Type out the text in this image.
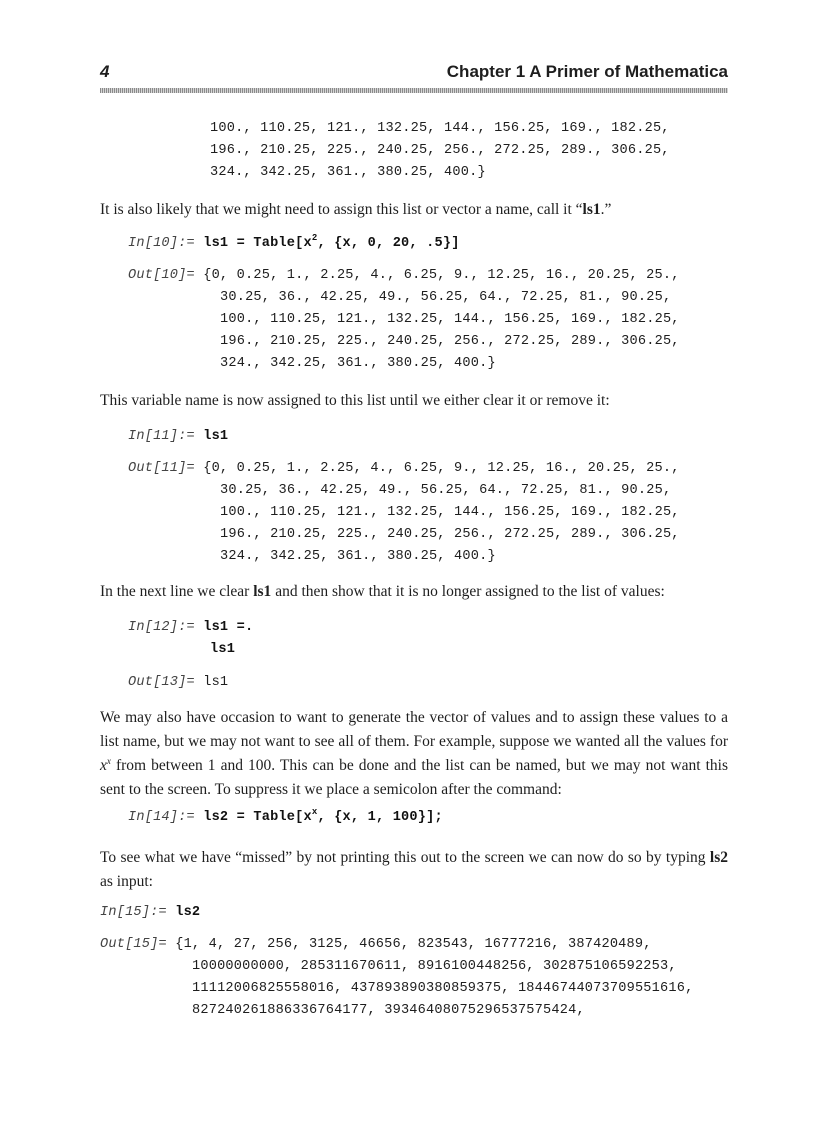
4	Chapter 1 A Primer of Mathematica
100., 110.25, 121., 132.25, 144., 156.25, 169., 182.25,
196., 210.25, 225., 240.25, 256., 272.25, 289., 306.25,
324., 342.25, 361., 380.25, 400.}
It is also likely that we might need to assign this list or vector a name, call it “ls1.”
In[10]:= $ls1 = Table[x^2$, {x, 0, 20, .5}]
Out[10]= {0, 0.25, 1., 2.25, 4., 6.25, 9., 12.25, 16., 20.25, 25.,
30.25, 36., 42.25, 49., 56.25, 64., 72.25, 81., 90.25,
100., 110.25, 121., 132.25, 144., 156.25, 169., 182.25,
196., 210.25, 225., 240.25, 256., 272.25, 289., 306.25,
324., 342.25, 361., 380.25, 400.}
This variable name is now assigned to this list until we either clear it or remove it:
In[11]:= ls1
Out[11]= {0, 0.25, 1., 2.25, 4., 6.25, 9., 12.25, 16., 20.25, 25.,
30.25, 36., 42.25, 49., 56.25, 64., 72.25, 81., 90.25,
100., 110.25, 121., 132.25, 144., 156.25, 169., 182.25,
196., 210.25, 225., 240.25, 256., 272.25, 289., 306.25,
324., 342.25, 361., 380.25, 400.}
In the next line we clear ls1 and then show that it is no longer assigned to the list of values:
In[12]:= ls1 =.
ls1
Out[13]= ls1
We may also have occasion to want to generate the vector of values and to assign these values to a list name, but we may not want to see all of them. For example, suppose we wanted all the values for $x^x$ from between 1 and 100. This can be done and the list can be named, but we may not want this sent to the screen. To suppress it we place a semicolon after the command:
In[14]:= $ls2 = Table[x^x$, {x, 1, 100}];
To see what we have “missed” by not printing this out to the screen we can now do so by typing ls2 as input:
In[15]:= ls2
Out[15]= {1, 4, 27, 256, 3125, 46656, 823543, 16777216, 387420489,
10000000000, 285311670611, 8916100448256, 302875106592253,
11112006825558016, 437893890380859375, 18446744073709551616,
827240261886336764177, 39346408075296537575424,
